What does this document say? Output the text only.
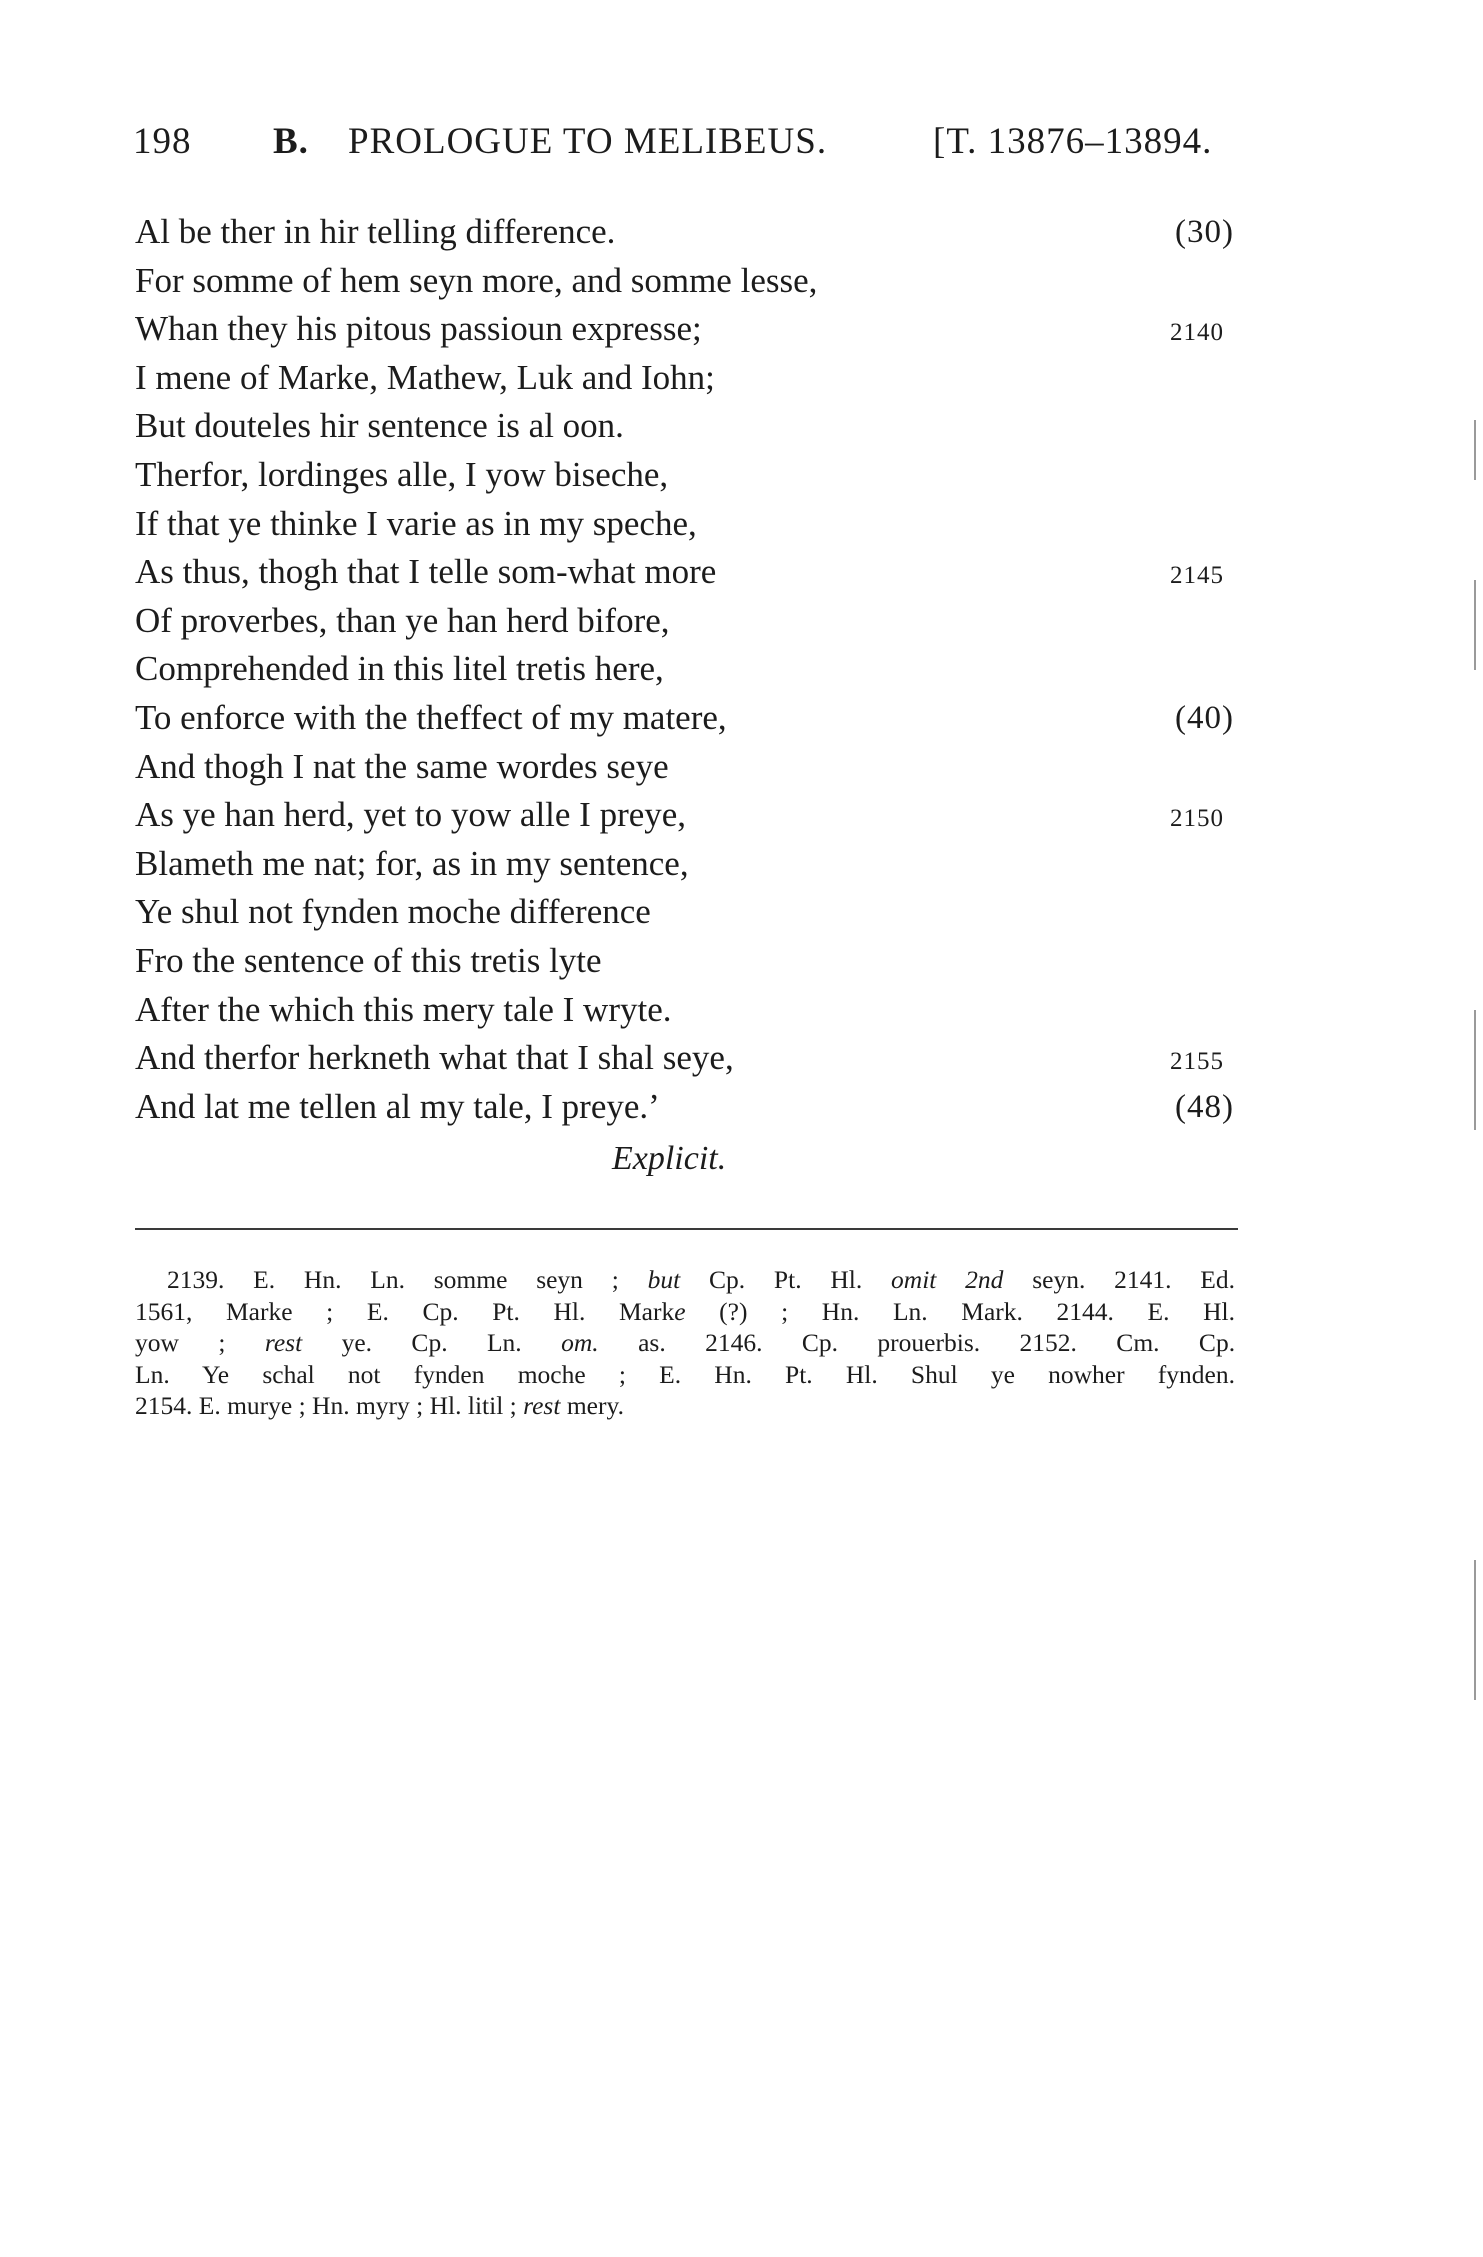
198 B. PROLOGUE TO MELIBEUS.	[T. 13876–13894.
Al be ther in hir telling difference.	(30)
For somme of hem seyn more, and somme lesse,
Whan they his pitous passioun expresse;	2140
I mene of Marke, Mathew, Luk and Iohn;
But douteles hir sentence is al oon.
Therfor, lordinges alle, I yow biseche,
If that ye thinke I varie as in my speche,
As thus, thogh that I telle som-what more	2145
Of proverbes, than ye han herd bifore,
Comprehended in this litel tretis here,
To enforce with the theffect of my matere,	(40)
And thogh I nat the same wordes seye
As ye han herd, yet to yow alle I preye,	2150
Blameth me nat; for, as in my sentence,
Ye shul not fynden moche difference
Fro the sentence of this tretis lyte
After the which this mery tale I wryte.
And therfor herkneth what that I shal seye,	2155
And lat me tellen al my tale, I preye.’	(48)
Explicit.
2139. E. Hn. Ln. somme seyn ; but Cp. Pt. Hl. omit 2nd seyn. 2141. Ed.
1561, Marke ; E. Cp. Pt. Hl. Marke (?) ; Hn. Ln. Mark. 2144. E. Hl.
yow ; rest ye. Cp. Ln. om. as. 2146. Cp. prouerbis. 2152. Cm. Cp.
Ln. Ye schal not fynden moche ; E. Hn. Pt. Hl. Shul ye nowher fynden.
2154. E. murye ; Hn. myry ; Hl. litil ; rest mery.
